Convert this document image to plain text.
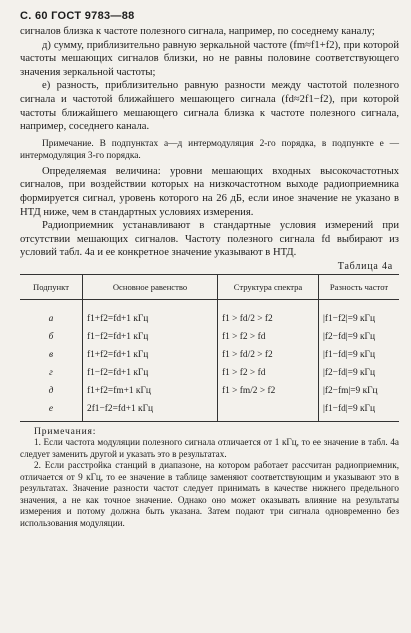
С. 60 ГОСТ 9783—88

сигналов близка к частоте полезного сигнала, например, по соседнему каналу;

д) сумму, приблизительно равную зеркальной частоте (fm≈f1+f2), при которой частоты мешающих сигналов близки, но не равны половине соответствующего значения зеркальной частоты;

е) разность, приблизительно равную разности между частотой полезного сигнала и частотой ближайшего мешающего сигнала (fd≈2f1−f2), при которой частоты ближайшего мешающего сигнала близка к частоте полезного сигнала, например, соседнего канала.

Примечание. В подпунктах а—д интермодуляция 2-го порядка, в подпункте е — интермодуляция 3-го порядка.

Определяемая величина: уровни мешающих входных высокочастотных сигналов, при воздействии которых на низкочастотном выходе радиоприемника формируется сигнал, уровень которого на 26 дБ, если иное значение не указано в НТД ниже, чем в стандартных условиях измерения.

Радиоприемник устанавливают в стандартные условия измерений при отсутствии мешающих сигналов. Частоту полезного сигнала fd выбирают из условий табл. 4а и ее конкретное значение указывают в НТД.

Таблица 4а
Подпункт	Основное равенство	Структура спектра	Разность частот
а	f1+f2=fd+1 кГц	f1 > fd/2 > f2	|f1−f2|=9 кГц
б	f1−f2=fd+1 кГц	f1 > f2 > fd	|f2−fd|=9 кГц
в	f1+f2=fd+1 кГц	f1 > fd/2 > f2	|f1−fd|=9 кГц
г	f1−f2=fd+1 кГц	f1 > f2 > fd	|f2−fd|=9 кГц
д	f1+f2=fm+1 кГц	f1 > fm/2 > f2	|f2−fm|=9 кГц
е	2f1−f2=fd+1 кГц		|f1−fd|=9 кГц
Примечания:

1. Если частота модуляции полезного сигнала отличается от 1 кГц, то ее значение в табл. 4а следует заменить другой и указать это в результатах.

2. Если расстройка станций в диапазоне, на котором работает рассчитан радиоприемник, отличается от 9 кГц, то ее значение в таблице заменяют соответствующим и указывают это в результатах. Значение разности частот следует принимать в качестве нижнего предельного значения, а не как точное значение. Однако оно может оказывать влияние на результаты измерения и потому должна быть указана. Затем подают три сигнала одновременно без использования модуляции.
